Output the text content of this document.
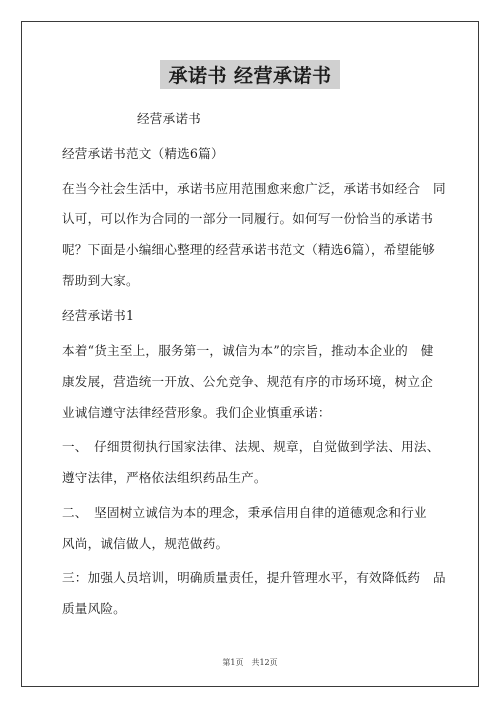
承诺书 经营承诺书
经营承诺书
经营承诺书范文（精选6篇）
在当今社会生活中，承诺书应用范围愈来愈广泛，承诺书如经合　同
认可，可以作为合同的一部分一同履行。如何写一份恰当的承诺书
呢？下面是小编细心整理的经营承诺书范文（精选6篇），希望能够
帮助到大家。
经营承诺书1
本着“货主至上，服务第一，诚信为本”的宗旨，推动本企业的　健
康发展，营造统一开放、公允竞争、规范有序的市场环境，树立企
业诚信遵守法律经营形象。我们企业慎重承诺：
一、　仔细贯彻执行国家法律、法规、规章，自觉做到学法、用法、
遵守法律，严格依法组织药品生产。
二、　坚固树立诚信为本的理念，秉承信用自律的道德观念和行业
风尚，诚信做人，规范做药。
三：加强人员培训，明确质量责任，提升管理水平，有效降低药　品
质量风险。
第1页　共12页
